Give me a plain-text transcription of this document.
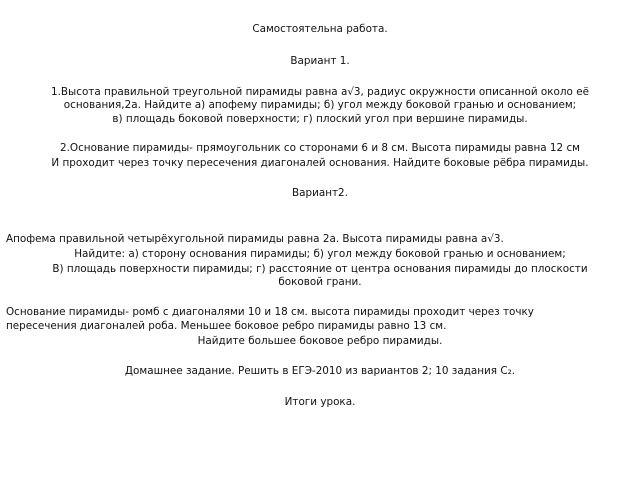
Самостоятельна работа.
Вариант 1.
1.Высота правильной треугольной пирамиды равна a√3, радиус окружности описанной около её
основания,2а. Найдите а) апофему пирамиды; б) угол между боковой гранью и основанием;
в) площадь боковой поверхности; г) плоский угол при вершине пирамиды.
2.Основание пирамиды- прямоугольник со сторонами 6 и 8 см. Высота пирамиды равна 12 см
И проходит через точку пересечения диагоналей основания. Найдите боковые рёбра пирамиды.
Вариант2.
Апофема правильной четырёхугольной пирамиды равна 2а. Высота пирамиды равна а√3.
Найдите: а) сторону основания пирамиды; б) угол между боковой гранью и основанием;
В) площадь поверхности пирамиды; г) расстояние от центра основания пирамиды до плоскости
боковой грани.
Основание пирамиды- ромб с диагоналями 10 и 18 см. высота пирамиды проходит через точку
пересечения диагоналей роба. Меньшее боковое ребро пирамиды равно 13 см.
Найдите большее боковое ребро пирамиды.
Домашнее задание. Решить в ЕГЭ-2010 из вариантов 2; 10 задания С₂.
Итоги урока.
